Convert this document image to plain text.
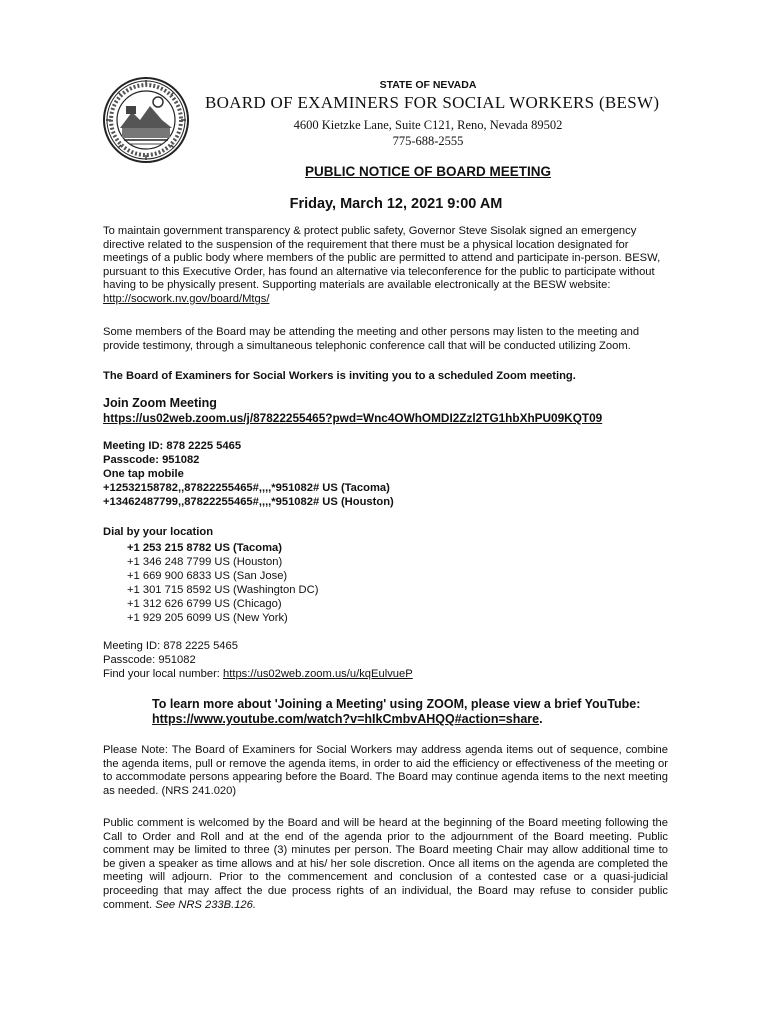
STATE OF NEVADA
BOARD OF EXAMINERS FOR SOCIAL WORKERS (BESW)
4600 Kietzke Lane, Suite C121, Reno, Nevada 89502
775-688-2555
PUBLIC NOTICE OF BOARD MEETING
Friday, March 12, 2021 9:00 AM
To maintain government transparency & protect public safety, Governor Steve Sisolak signed an emergency directive related to the suspension of the requirement that there must be a physical location designated for meetings of a public body where members of the public are permitted to attend and participate in-person. BESW, pursuant to this Executive Order, has found an alternative via teleconference for the public to participate without having to be physically present. Supporting materials are available electronically at the BESW website: http://socwork.nv.gov/board/Mtgs/
Some members of the Board may be attending the meeting and other persons may listen to the meeting and provide testimony, through a simultaneous telephonic conference call that will be conducted utilizing Zoom.
The Board of Examiners for Social Workers is inviting you to a scheduled Zoom meeting.
Join Zoom Meeting
https://us02web.zoom.us/j/87822255465?pwd=Wnc4OWhOMDI2Zzl2TG1hbXhPU09KQT09
Meeting ID: 878 2225 5465
Passcode: 951082
One tap mobile
+12532158782,,87822255465#,,,,*951082# US (Tacoma)
+13462487799,,87822255465#,,,,*951082# US (Houston)
Dial by your location
+1 253 215 8782 US (Tacoma)
+1 346 248 7799 US (Houston)
+1 669 900 6833 US (San Jose)
+1 301 715 8592 US (Washington DC)
+1 312 626 6799 US (Chicago)
+1 929 205 6099 US (New York)
Meeting ID: 878 2225 5465
Passcode: 951082
Find your local number: https://us02web.zoom.us/u/kqEulvueP
To learn more about 'Joining a Meeting' using ZOOM, please view a brief YouTube:
https://www.youtube.com/watch?v=hIkCmbvAHQQ#action=share.
Please Note: The Board of Examiners for Social Workers may address agenda items out of sequence, combine the agenda items, pull or remove the agenda items, in order to aid the efficiency or effectiveness of the meeting or to accommodate persons appearing before the Board. The Board may continue agenda items to the next meeting as needed. (NRS 241.020)
Public comment is welcomed by the Board and will be heard at the beginning of the Board meeting following the Call to Order and Roll and at the end of the agenda prior to the adjournment of the Board meeting. Public comment may be limited to three (3) minutes per person. The Board meeting Chair may allow additional time to be given a speaker as time allows and at his/ her sole discretion. Once all items on the agenda are completed the meeting will adjourn. Prior to the commencement and conclusion of a contested case or a quasi-judicial proceeding that may affect the due process rights of an individual, the Board may refuse to consider public comment. See NRS 233B.126.
